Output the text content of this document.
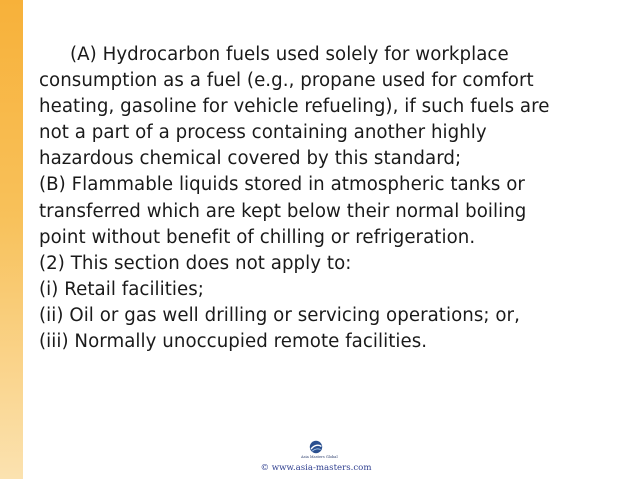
(A) Hydrocarbon fuels used solely for workplace
consumption as a fuel (e.g., propane used for comfort
heating, gasoline for vehicle refueling), if such fuels are
not a part of a process containing another highly
hazardous chemical covered by this standard;
(B) Flammable liquids stored in atmospheric tanks or
transferred which are kept below their normal boiling
point without benefit of chilling or refrigeration.
(2) This section does not apply to:
(i) Retail facilities;
(ii) Oil or gas well drilling or servicing operations; or,
(iii) Normally unoccupied remote facilities.
Asia Masters Global
© www.asia-masters.com
